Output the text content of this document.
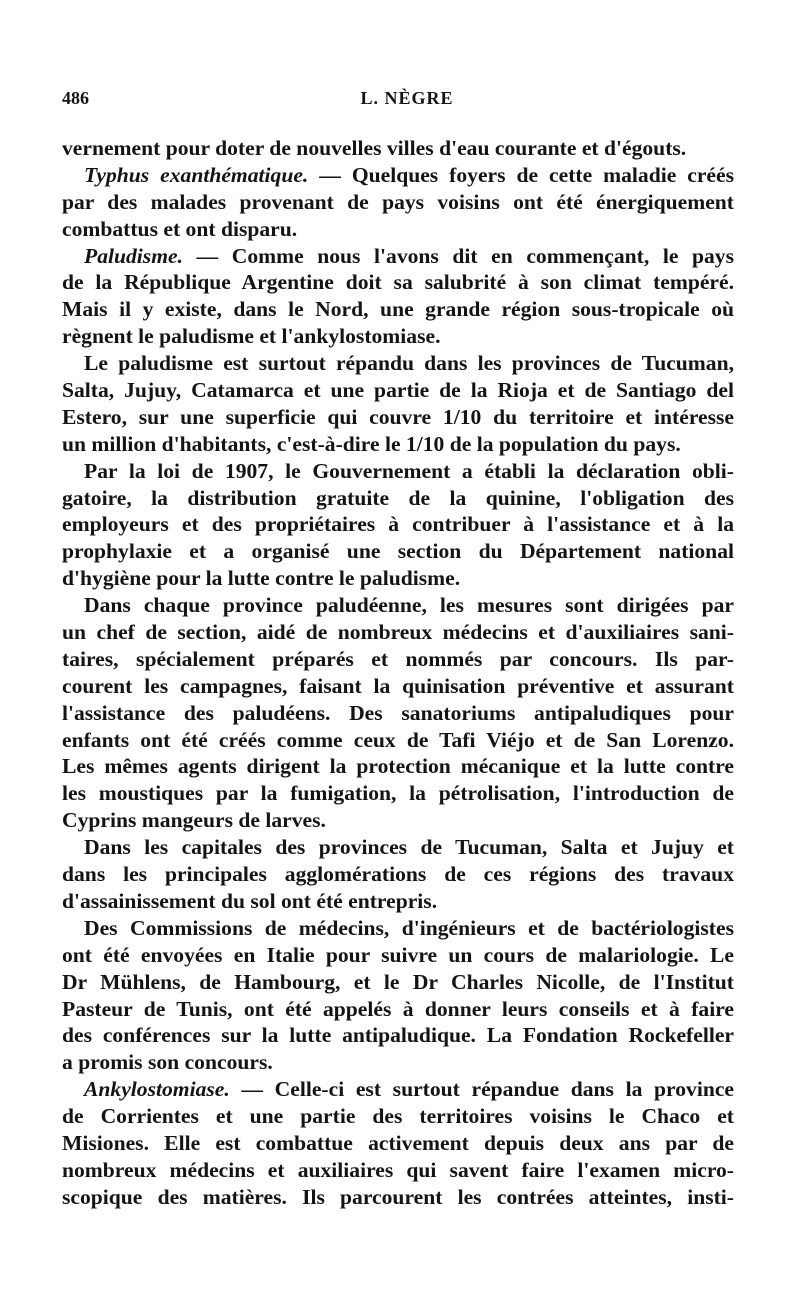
486	L. NÈGRE
vernement pour doter de nouvelles villes d'eau courante et d'égouts.
Typhus exanthématique. — Quelques foyers de cette maladie créés
par des malades provenant de pays voisins ont été énergiquement
combattus et ont disparu.
Paludisme. — Comme nous l'avons dit en commençant, le pays
de la République Argentine doit sa salubrité à son climat tempéré.
Mais il y existe, dans le Nord, une grande région sous-tropicale où
règnent le paludisme et l'ankylostomiase.
Le paludisme est surtout répandu dans les provinces de Tucuman,
Salta, Jujuy, Catamarca et une partie de la Rioja et de Santiago del
Estero, sur une superficie qui couvre 1/10 du territoire et intéresse
un million d'habitants, c'est-à-dire le 1/10 de la population du pays.
Par la loi de 1907, le Gouvernement a établi la déclaration obli-
gatoire, la distribution gratuite de la quinine, l'obligation des
employeurs et des propriétaires à contribuer à l'assistance et à la
prophylaxie et a organisé une section du Département national
d'hygiène pour la lutte contre le paludisme.
Dans chaque province paludéenne, les mesures sont dirigées par
un chef de section, aidé de nombreux médecins et d'auxiliaires sani-
taires, spécialement préparés et nommés par concours. Ils par-
courent les campagnes, faisant la quinisation préventive et assurant
l'assistance des paludéens. Des sanatoriums antipaludiques pour
enfants ont été créés comme ceux de Tafi Viéjo et de San Lorenzo.
Les mêmes agents dirigent la protection mécanique et la lutte contre
les moustiques par la fumigation, la pétrolisation, l'introduction de
Cyprins mangeurs de larves.
Dans les capitales des provinces de Tucuman, Salta et Jujuy et
dans les principales agglomérations de ces régions des travaux
d'assainissement du sol ont été entrepris.
Des Commissions de médecins, d'ingénieurs et de bactériologistes
ont été envoyées en Italie pour suivre un cours de malariologie. Le
Dr Mühlens, de Hambourg, et le Dr Charles Nicolle, de l'Institut
Pasteur de Tunis, ont été appelés à donner leurs conseils et à faire
des conférences sur la lutte antipaludique. La Fondation Rockefeller
a promis son concours.
Ankylostomiase. — Celle-ci est surtout répandue dans la province
de Corrientes et une partie des territoires voisins le Chaco et
Misiones. Elle est combattue activement depuis deux ans par de
nombreux médecins et auxiliaires qui savent faire l'examen micro-
scopique des matières. Ils parcourent les contrées atteintes, insti-
